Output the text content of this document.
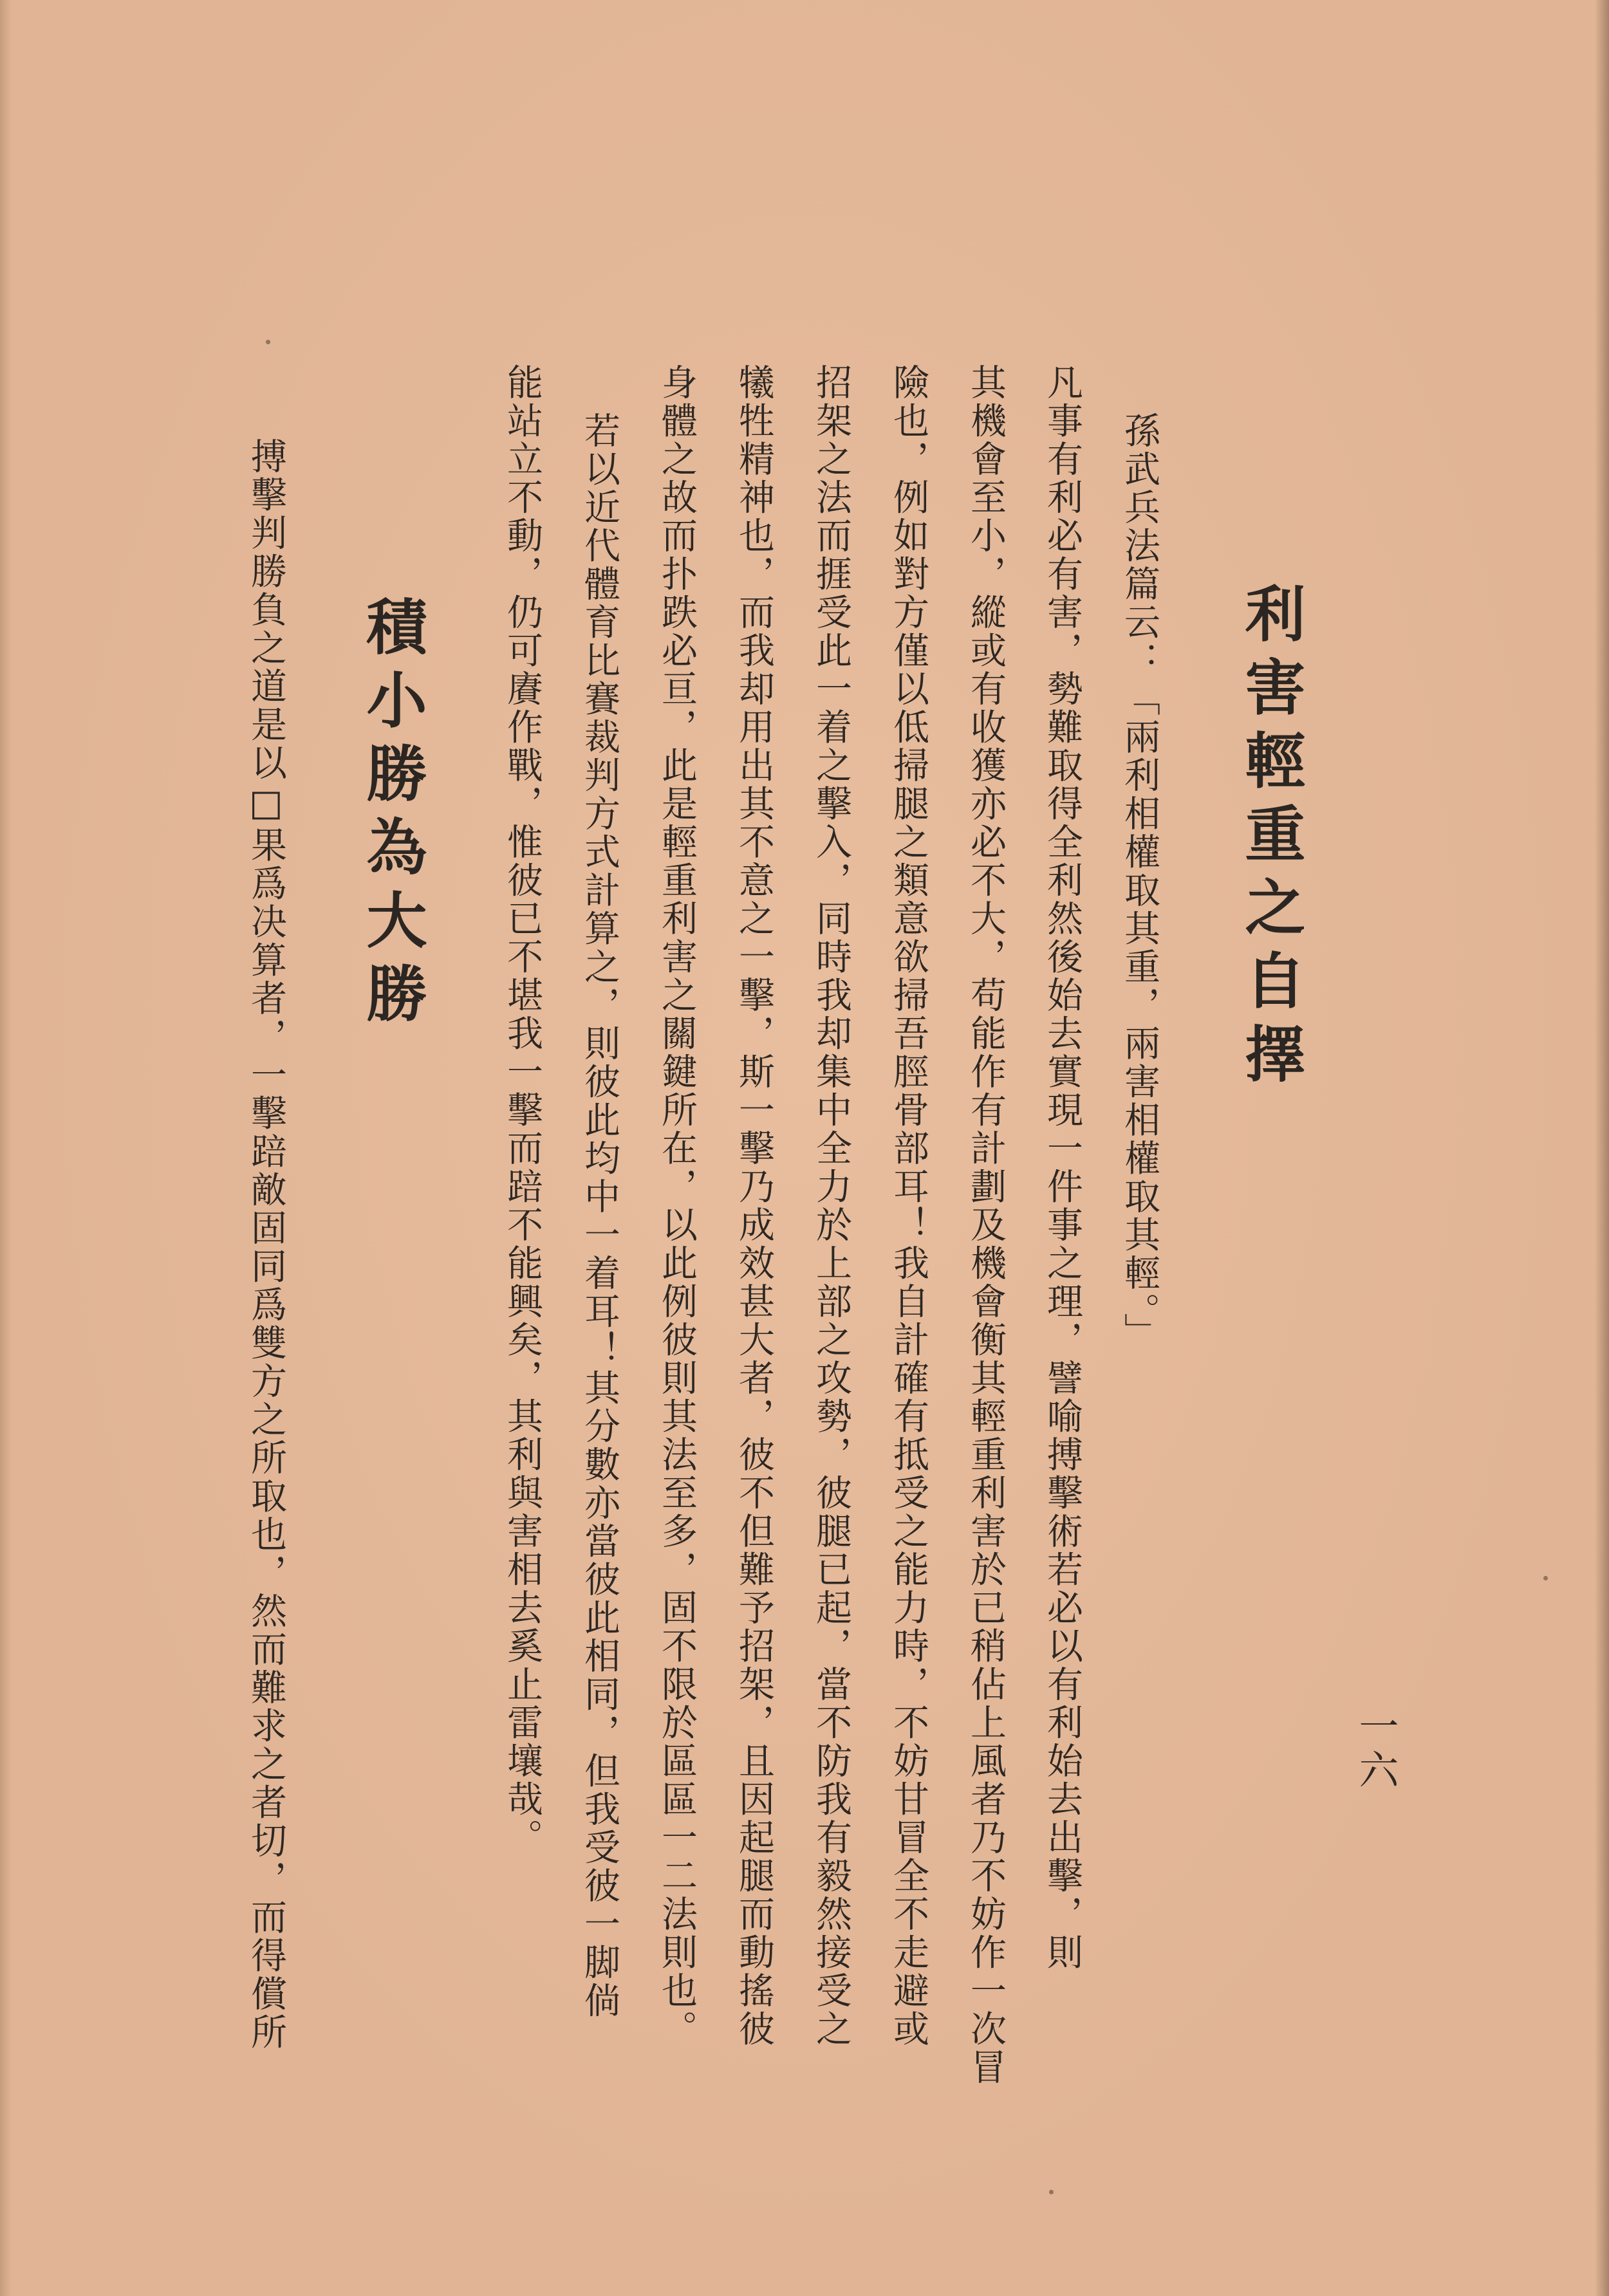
利害輕重之自擇

孫武兵法篇云：「兩利相權取其重，兩害相權取其輕。」

凡事有利必有害，勢難取得全利然後始去實現一件事之理，譬喻搏擊術若必以有利始去出擊，則

其機會至小，縱或有收獲亦必不大，苟能作有計劃及機會衡其輕重利害於已稍佔上風者乃不妨作一次冒

險也，例如對方僅以低掃腿之類意欲掃吾脛骨部耳！我自計確有抵受之能力時，不妨甘冒全不走避或

招架之法而捱受此一着之擊入，同時我却集中全力於上部之攻勢，彼腿已起，當不防我有毅然接受之

犧牲精神也，而我却用出其不意之一擊，斯一擊乃成效甚大者，彼不但難予招架，且因起腿而動搖彼

身體之故而扑跌必亘，此是輕重利害之關鍵所在，以此例彼則其法至多，固不限於區區一二法則也。

若以近代體育比賽裁判方式計算之，則彼此均中一着耳！其分數亦當彼此相同，但我受彼一脚倘

能站立不動，仍可賡作戰，惟彼已不堪我一擊而踣不能興矣，其利與害相去奚止雷壤哉。

積小勝為大勝

搏擊判勝負之道是以□果爲决算者，一擊踣敵固同爲雙方之所取也，然而難求之者切，而得償所	一六
